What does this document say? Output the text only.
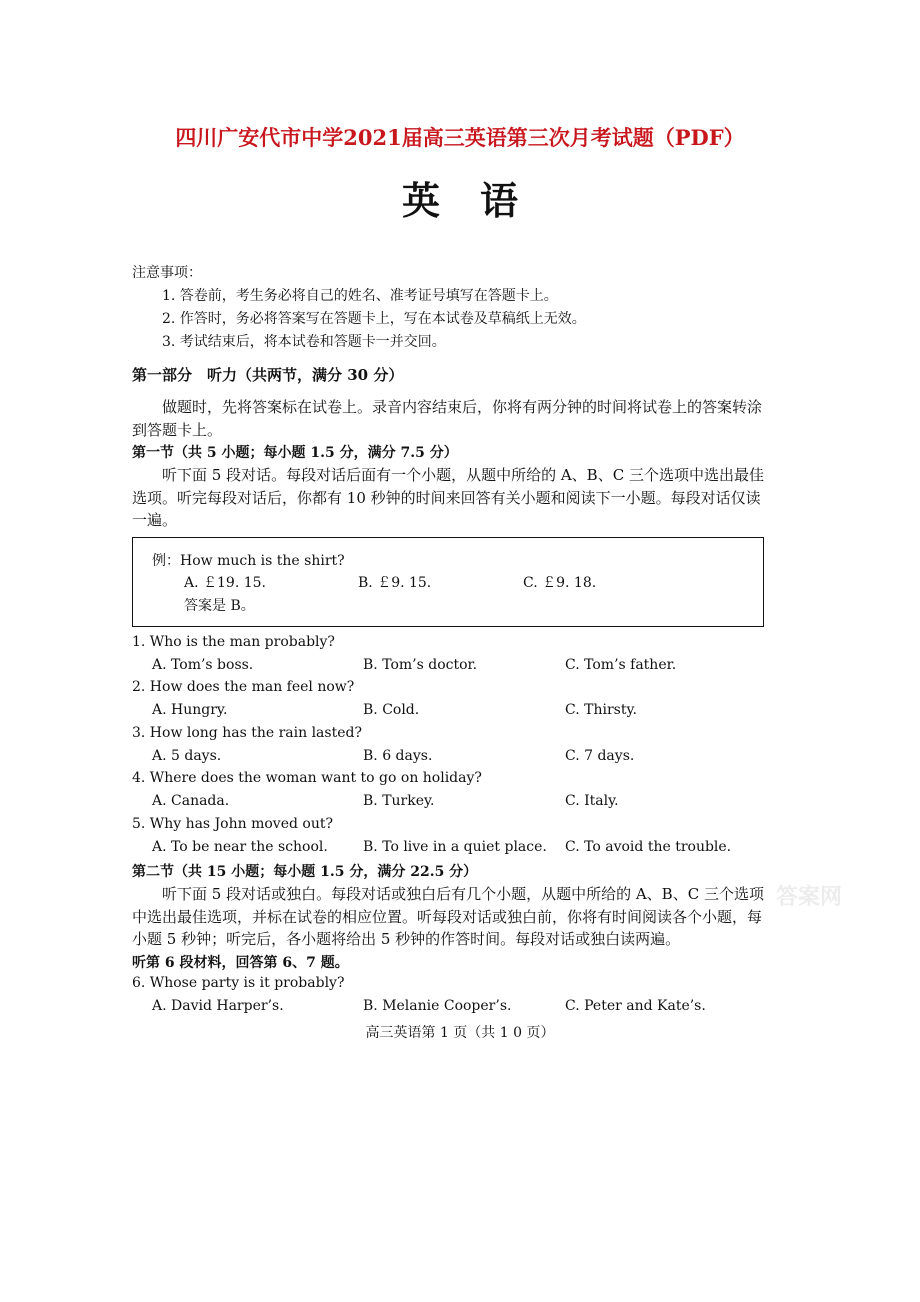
四川广安代市中学2021届高三英语第三次月考试题（PDF）
英语
注意事项：
1. 答卷前，考生务必将自己的姓名、准考证号填写在答题卡上。
2. 作答时，务必将答案写在答题卡上，写在本试卷及草稿纸上无效。
3. 考试结束后，将本试卷和答题卡一并交回。
第一部分　听力（共两节，满分 30 分）
做题时，先将答案标在试卷上。录音内容结束后，你将有两分钟的时间将试卷上的答案转涂到答题卡上。
第一节（共 5 小题；每小题 1.5 分，满分 7.5 分）
听下面 5 段对话。每段对话后面有一个小题，从题中所给的 A、B、C 三个选项中选出最佳选项。听完每段对话后，你都有 10 秒钟的时间来回答有关小题和阅读下一小题。每段对话仅读一遍。
例：How much is the shirt?
A. ￡19. 15.	B. ￡9. 15.	C. ￡9. 18.
答案是 B。
1. Who is the man probably?
A. Tom’s boss.	B. Tom’s doctor.	C. Tom’s father.
2. How does the man feel now?
A. Hungry.	B. Cold.	C. Thirsty.
3. How long has the rain lasted?
A. 5 days.	B. 6 days.	C. 7 days.
4. Where does the woman want to go on holiday?
A. Canada.	B. Turkey.	C. Italy.
5. Why has John moved out?
A. To be near the school.	B. To live in a quiet place. C. To avoid the trouble.
第二节（共 15 小题；每小题 1.5 分，满分 22.5 分）
听下面 5 段对话或独白。每段对话或独白后有几个小题，从题中所给的 A、B、C 三个选项中选出最佳选项，并标在试卷的相应位置。听每段对话或独白前，你将有时间阅读各个小题，每小题 5 秒钟；听完后，各小题将给出 5 秒钟的作答时间。每段对话或独白读两遍。
听第 6 段材料，回答第 6、7 题。
6. Whose party is it probably?
A. David Harper’s.	B. Melanie Cooper’s.	C. Peter and Kate’s.
高三英语第 1 页（共 1 0 页）
答案网
